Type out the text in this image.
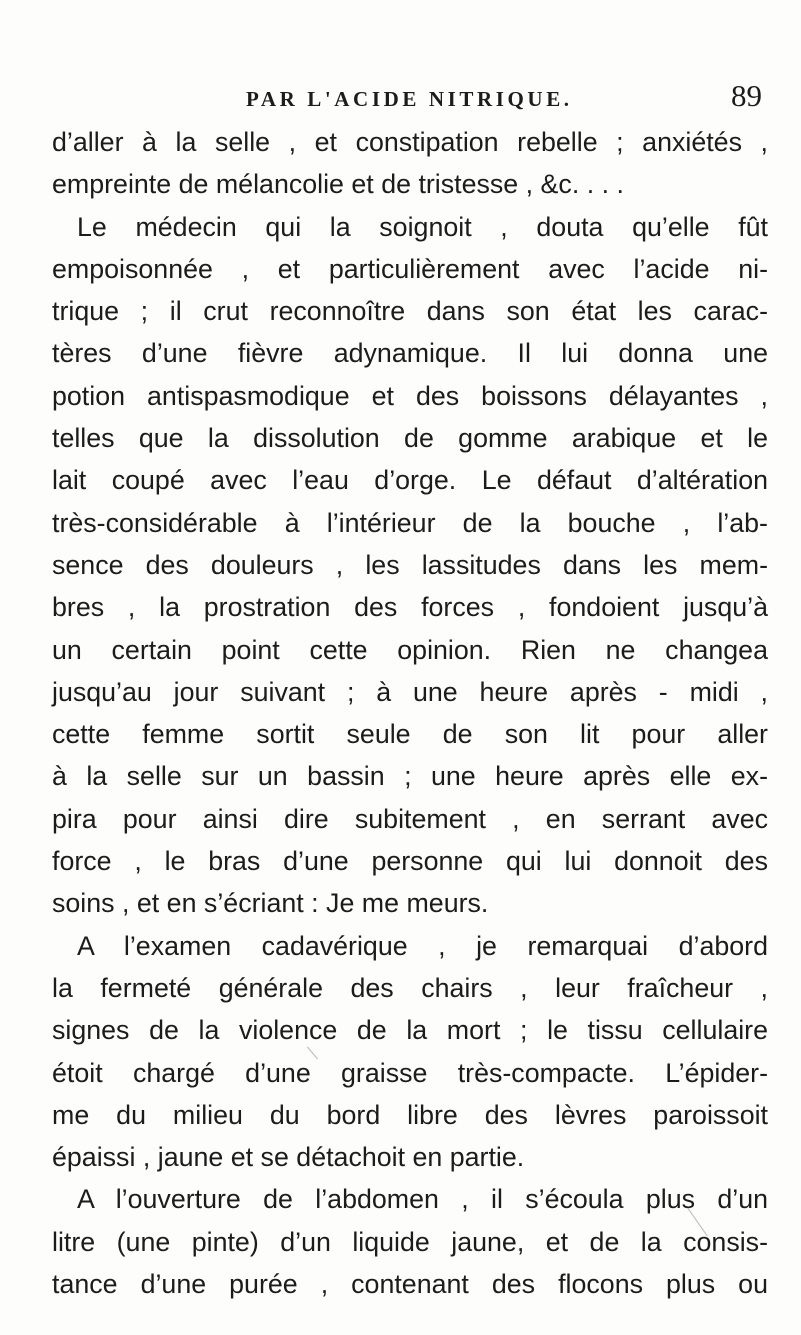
PAR L'ACIDE NITRIQUE.	89
d’aller à la selle , et constipation rebelle ; anxiétés ,
empreinte de mélancolie et de tristesse , &c. . . .
Le médecin qui la soignoit , douta qu’elle fût
empoisonnée , et particulièrement avec l’acide ni-
trique ; il crut reconnoître dans son état les carac-
tères d’une fièvre adynamique. Il lui donna une
potion antispasmodique et des boissons délayantes ,
telles que la dissolution de gomme arabique et le
lait coupé avec l’eau d’orge. Le défaut d’altération
très-considérable à l’intérieur de la bouche , l’ab-
sence des douleurs , les lassitudes dans les mem-
bres , la prostration des forces , fondoient jusqu’à
un certain point cette opinion. Rien ne changea
jusqu’au jour suivant ; à une heure après - midi ,
cette femme sortit seule de son lit pour aller
à la selle sur un bassin ; une heure après elle ex-
pira pour ainsi dire subitement , en serrant avec
force , le bras d’une personne qui lui donnoit des
soins , et en s’écriant : Je me meurs.
A l’examen cadavérique , je remarquai d’abord
la fermeté générale des chairs , leur fraîcheur ,
signes de la violence de la mort ; le tissu cellulaire
étoit chargé d’une graisse très-compacte. L’épider-
me du milieu du bord libre des lèvres paroissoit
épaissi , jaune et se détachoit en partie.
A l’ouverture de l’abdomen , il s’écoula plus d’un
litre (une pinte) d’un liquide jaune, et de la consis-
tance d’une purée , contenant des flocons plus ou
